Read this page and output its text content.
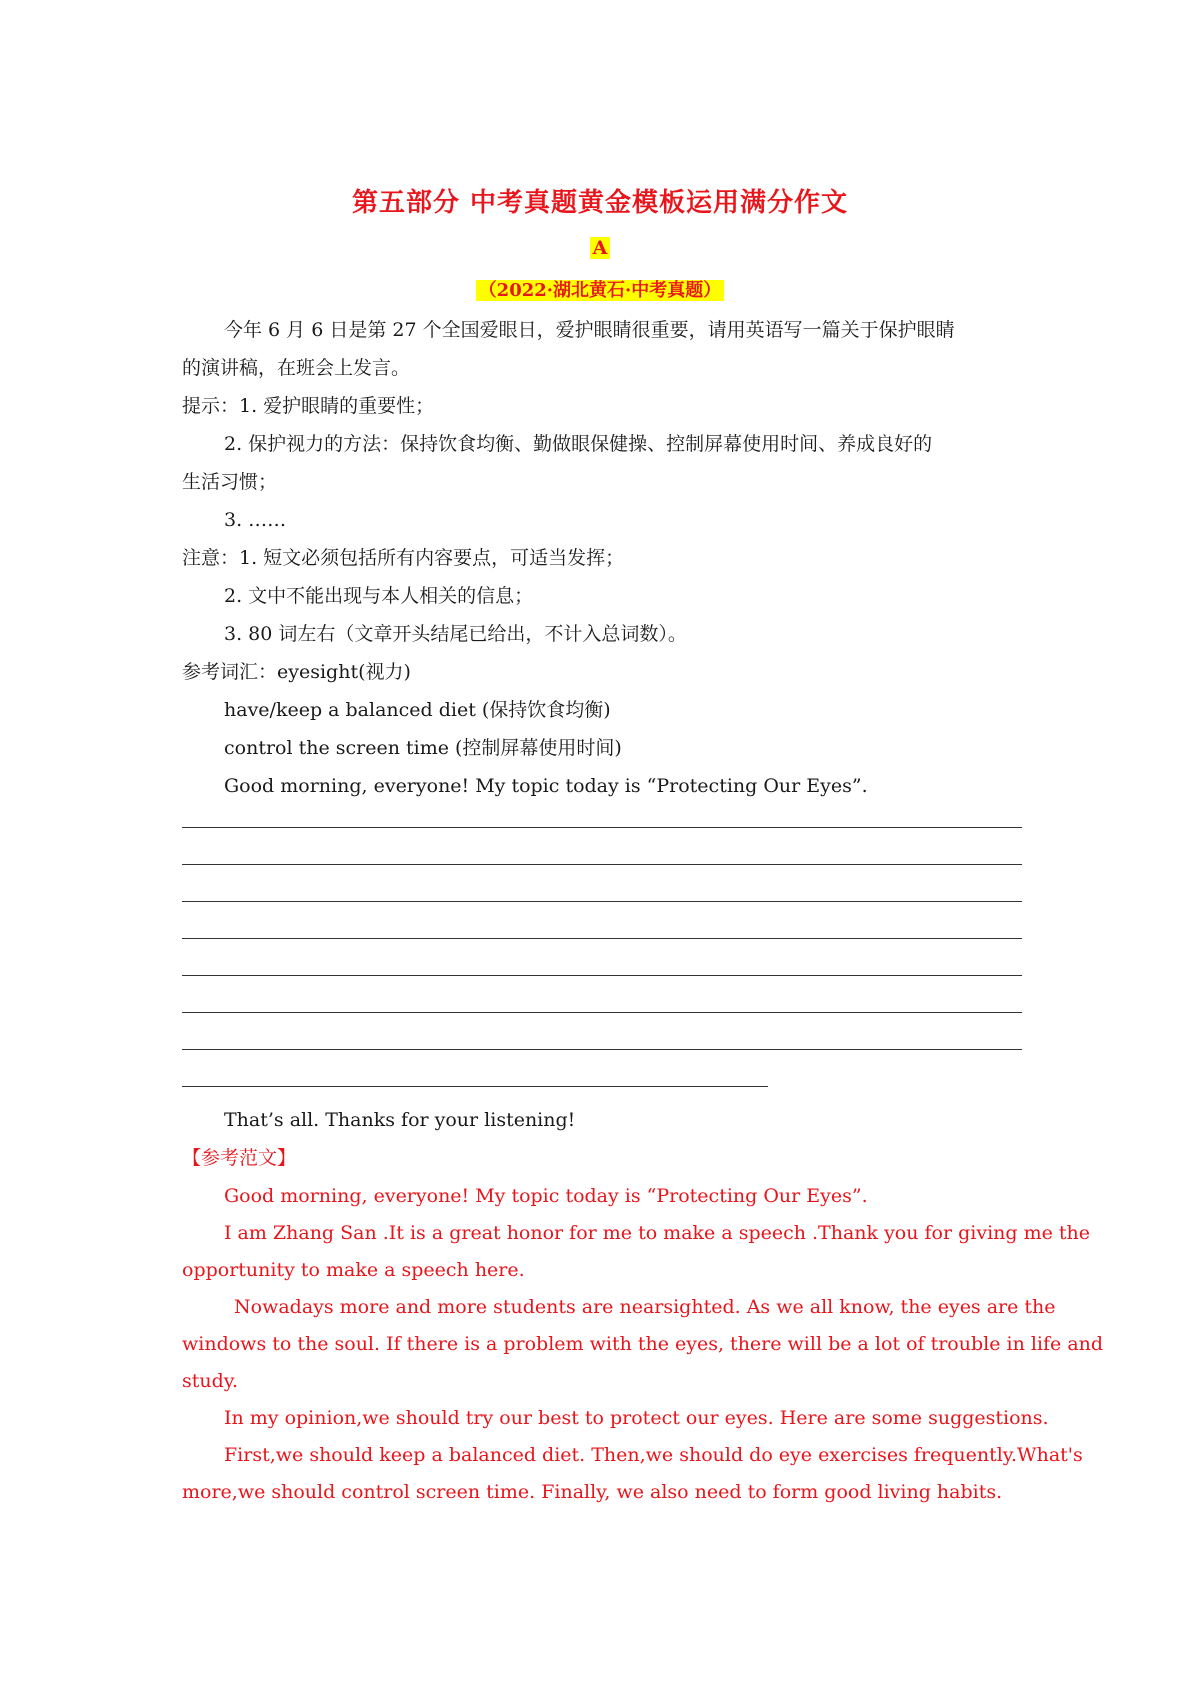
第五部分 中考真题黄金模板运用满分作文
A
（2022·湖北黄石·中考真题）
今年 6 月 6 日是第 27 个全国爱眼日，爱护眼睛很重要，请用英语写一篇关于保护眼睛
的演讲稿，在班会上发言。
提示：1. 爱护眼睛的重要性；
2. 保护视力的方法：保持饮食均衡、勤做眼保健操、控制屏幕使用时间、养成良好的
生活习惯；
3. ……
注意：1. 短文必须包括所有内容要点，可适当发挥；
2. 文中不能出现与本人相关的信息；
3. 80 词左右（文章开头结尾已给出，不计入总词数）。
参考词汇：eyesight(视力)
have/keep a balanced diet (保持饮食均衡)
control the screen time (控制屏幕使用时间)
Good morning, everyone! My topic today is “Protecting Our Eyes”.
That’s all. Thanks for your listening!
【参考范文】
Good morning, everyone! My topic today is “Protecting Our Eyes”.
I am Zhang San .It is a great honor for me to make a speech .Thank you for giving me the
opportunity to make a speech here.
Nowadays more and more students are nearsighted. As we all know, the eyes are the
windows to the soul. If there is a problem with the eyes, there will be a lot of trouble in life and
study.
In my opinion,we should try our best to protect our eyes. Here are some suggestions.
First,we should keep a balanced diet. Then,we should do eye exercises frequently.What's
more,we should control screen time. Finally, we also need to form good living habits.
